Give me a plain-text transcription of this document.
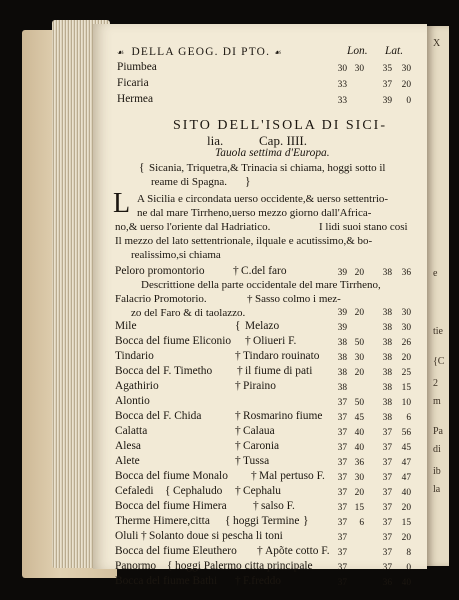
X
e
tie
{C
2
m
Pa
di
ib
la
☙ DELLA GEOG. DI PTO. ☙	Lon. Lat.
Piumbea	30 30	35	30
Ficaria	33	37	20
Hermea	33	39	0
SITO DELL'ISOLA DI SICI-
lia.	Cap. IIII.
Tauola settima d'Europa.
{ Sicania, Triquetra,& Trinacia si chiama, hoggi sotto il
reame di Spagna. }
L A Sicilia e circondata uerso occidente,& uerso settentrio-
ne dal mare Tirrheno,uerso mezzo giorno dall'Africa-
no,& uerso l'oriente dal Hadriatico.	I lidi suoi stano cosi
Il mezzo del lato settentrionale, ilquale e acutissimo,& bo-
realissimo,si chiama
Peloro promontorio † C.del faro	39 20	38	36
Descrittione della parte occidentale del mare Tirrheno,
Falacrio Promotorio.	† Sasso colmo i mez-
zo del Faro & di taolazzo.	39 20	38	30
Mile	{ Melazo	39	38	30
Bocca del fiume Eliconio † Oliueri F.	38 50	38	26
Tindario	† Tindaro rouinato	38 30	38	20
Bocca del F. Timetho † il fiume di pati	38 20	38	25
Agathirio	† Piraino	38	38	15
Alontio	37 50	38	10
Bocca del F. Chida	† Rosmarino fiume	37 45	38	6
Calatta	† Calaua	37 40	37	56
Alesa	† Caronia	37 40	37	45
Alete	† Tussa	37 36	37	47
Bocca del fiume Monalo † Mal pertuso F.	37 30	37	47
Cefaledi { Cephaludo † Cephalu	37 20	37	40
Bocca del fiume Himera † salso F.	37 15	37	20
Therme Himere,citta { hoggi Termine }	37	6	37	15
Oluli † Solanto doue si pescha li toni	37	37	20
Bocca del fiume Eleuthero † Apõte cotto F. 37	37	8
Panormo { hoggi Palermo citta principale	37	37	0
Bocca del fiume Bathi † F.freddo	37	36	40
